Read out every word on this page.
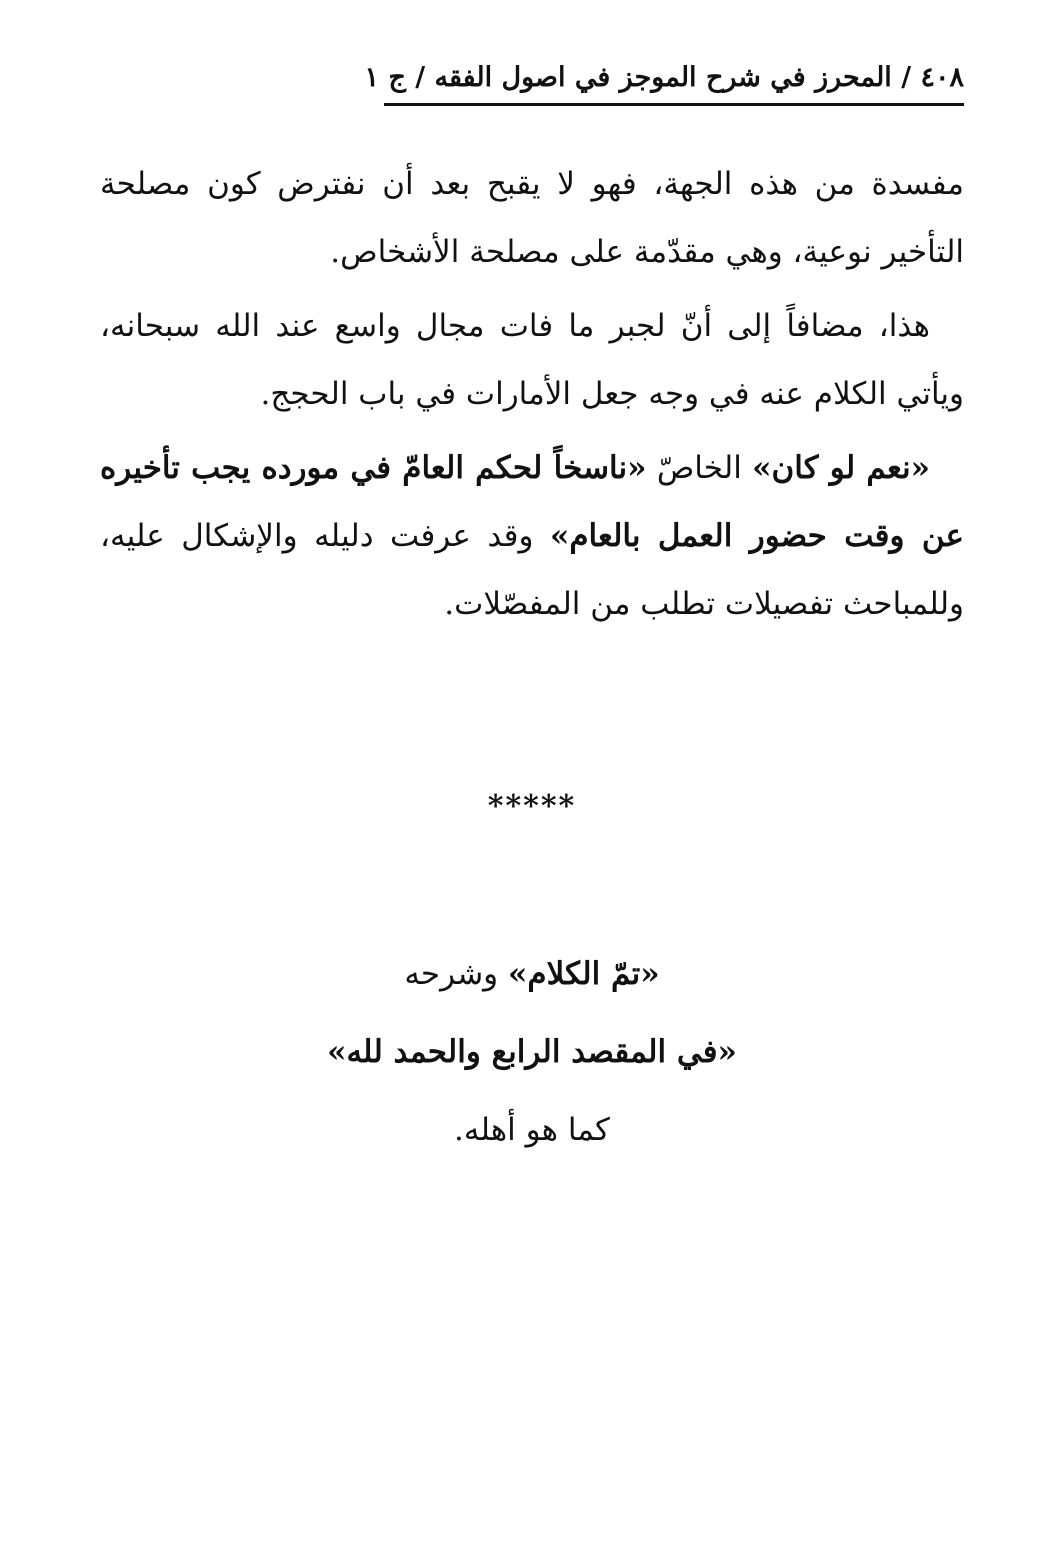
٤٠٨ / المحرز في شرح الموجز في اصول الفقه / ج ١

مفسدة من هذه الجهة، فهو لا يقبح بعد أن نفترض كون مصلحة التأخير نوعية، وهي مقدّمة على مصلحة الأشخاص.

هذا، مضافاً إلى أنّ لجبر ما فات مجال واسع عند الله سبحانه، ويأتي الكلام عنه في وجه جعل الأمارات في باب الحجج.

«نعم لو كان» الخاصّ «ناسخاً لحكم العامّ في مورده يجب تأخيره عن وقت حضور العمل بالعام» وقد عرفت دليله والإشكال عليه، وللمباحث تفصيلات تطلب من المفصّلات.

*****
«تمّ الكلام» وشرحه
«في المقصد الرابع والحمد لله»
كما هو أهله.
